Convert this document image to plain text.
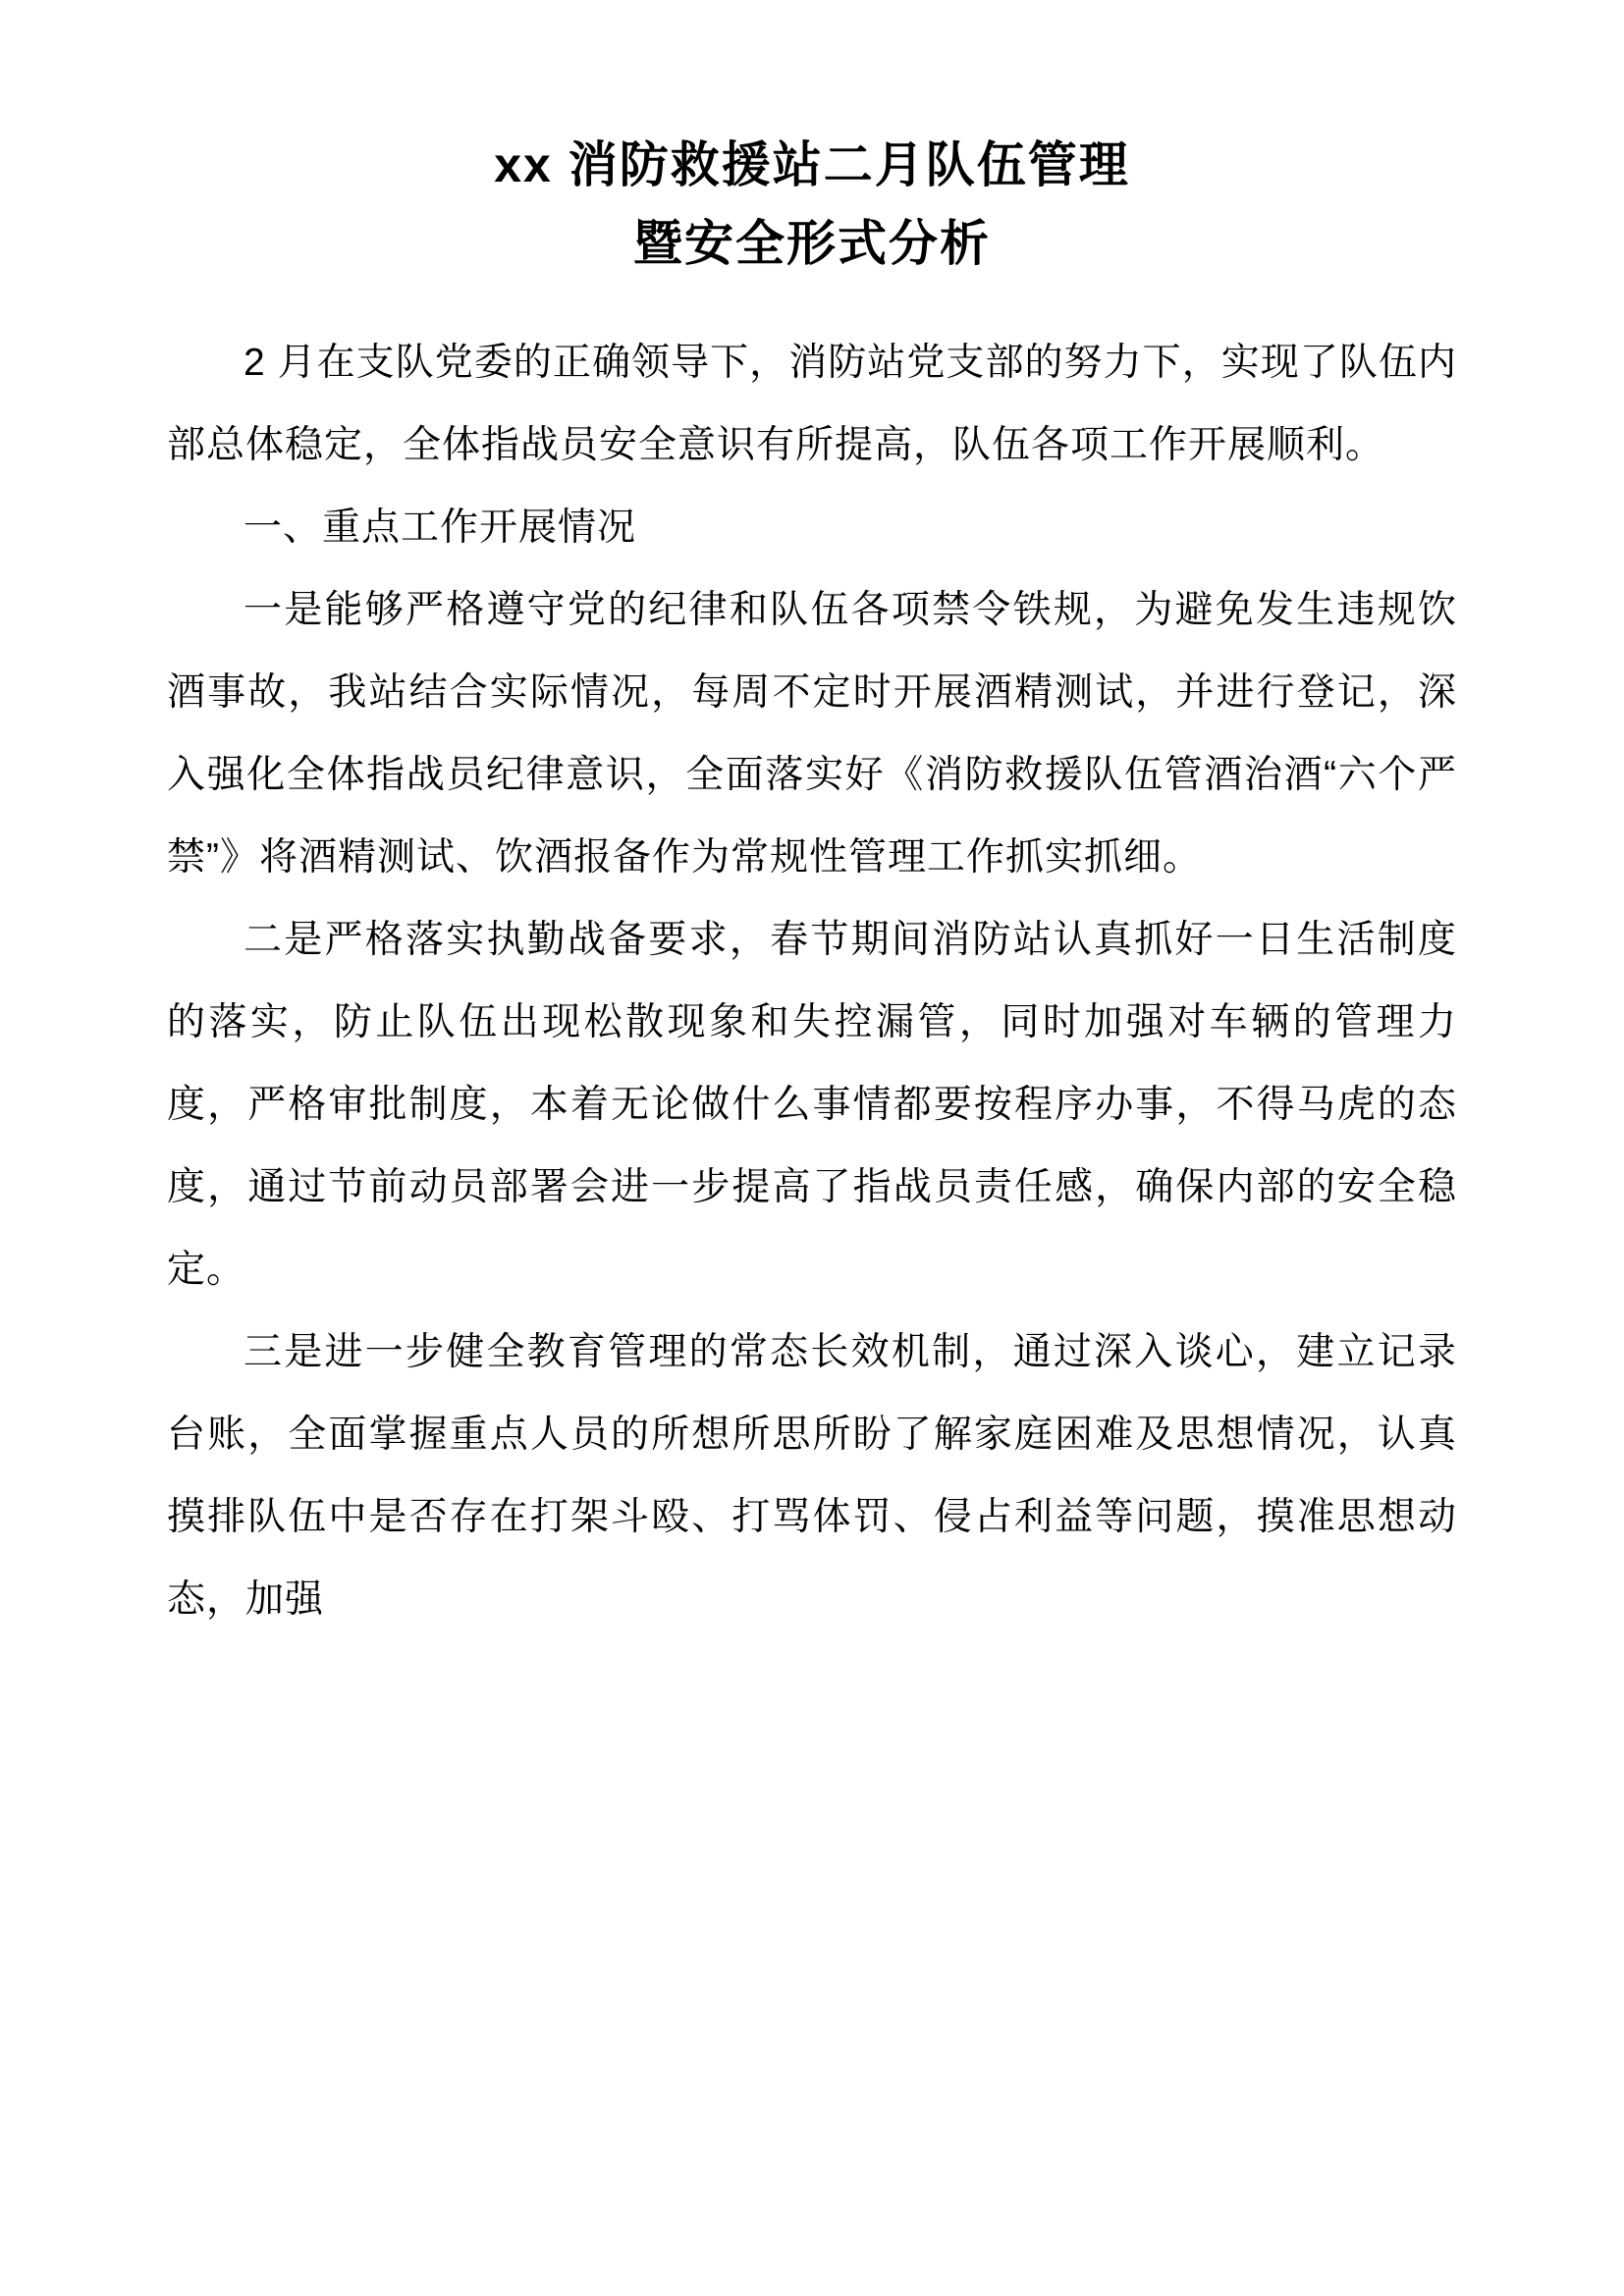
xx 消防救援站二月队伍管理
暨安全形式分析

2 月在支队党委的正确领导下，消防站党支部的努力下，实现了队伍内部总体稳定，全体指战员安全意识有所提高，队伍各项工作开展顺利。

一、重点工作开展情况

一是能够严格遵守党的纪律和队伍各项禁令铁规，为避免发生违规饮酒事故，我站结合实际情况，每周不定时开展酒精测试，并进行登记，深入强化全体指战员纪律意识，全面落实好《消防救援队伍管酒治酒“六个严禁”》将酒精测试、饮酒报备作为常规性管理工作抓实抓细。

二是严格落实执勤战备要求，春节期间消防站认真抓好一日生活制度的落实，防止队伍出现松散现象和失控漏管，同时加强对车辆的管理力度，严格审批制度，本着无论做什么事情都要按程序办事，不得马虎的态度，通过节前动员部署会进一步提高了指战员责任感，确保内部的安全稳定。

三是进一步健全教育管理的常态长效机制，通过深入谈心，建立记录台账，全面掌握重点人员的所想所思所盼了解家庭困难及思想情况，认真摸排队伍中是否存在打架斗殴、打骂体罚、侵占利益等问题，摸准思想动态，加强
